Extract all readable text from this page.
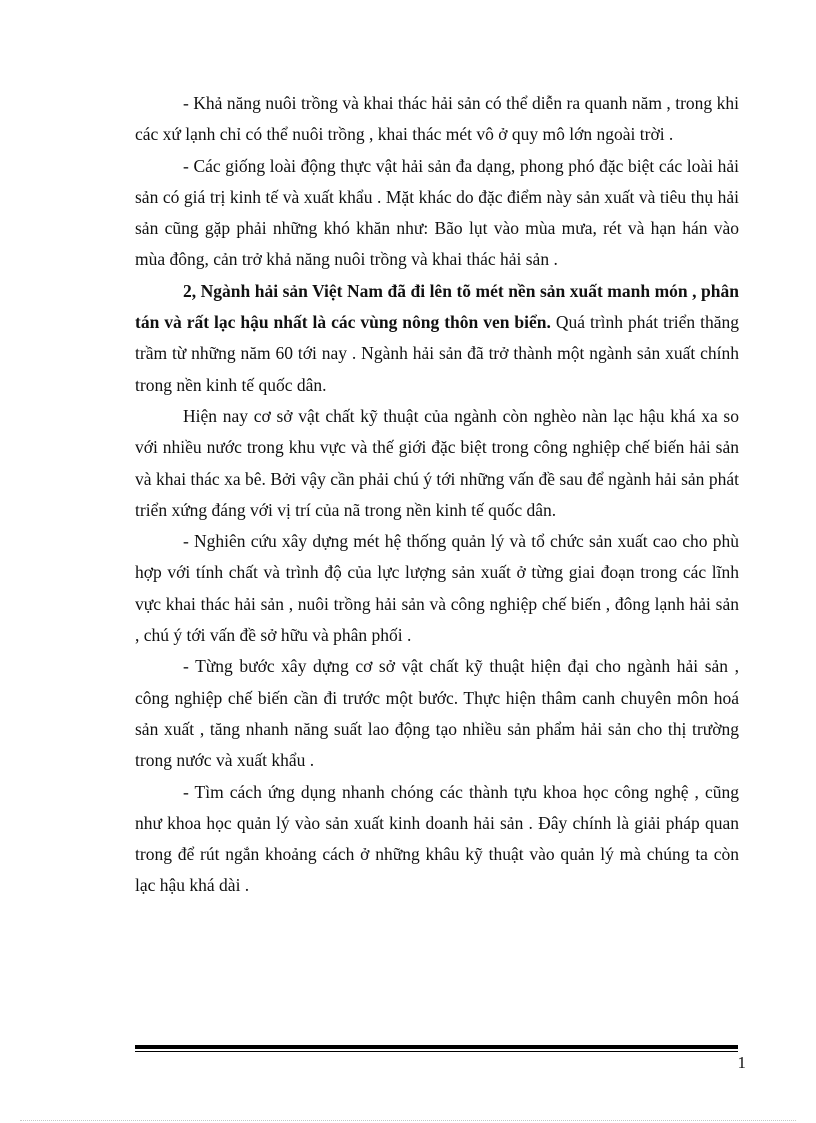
- Khả năng nuôi trồng và khai thác hải sản có thể diễn ra quanh năm , trong khi các xứ lạnh chỉ có thể nuôi trồng , khai thác mét vô ở quy mô lớn ngoài trời .

- Các giống loài động thực vật hải sản đa dạng, phong phó đặc biệt các loài hải sản có giá trị kinh tế và xuất khẩu . Mặt khác do đặc điểm này sản xuất và tiêu thụ hải sản cũng gặp phải những khó khăn như: Bão lụt vào mùa mưa, rét và hạn hán vào mùa đông, cản trở khả năng nuôi trồng và khai thác hải sản .

2, Ngành hải sản Việt Nam đã đi lên tõ mét nền sản xuất manh món , phân tán và rất lạc hậu nhất là các vùng nông thôn ven biển. Quá trình phát triển thăng trầm từ những năm 60 tới nay . Ngành hải sản đã trở thành một ngành sản xuất chính trong nền kinh tế quốc dân.

Hiện nay cơ sở vật chất kỹ thuật của ngành còn nghèo nàn lạc hậu khá xa so với nhiều nước trong khu vực và thế giới đặc biệt trong công nghiệp chế biến hải sản và khai thác xa bê. Bởi vậy cần phải chú ý tới những vấn đề sau để ngành hải sản phát triển xứng đáng với vị trí của nã trong nền kinh tế quốc dân.

- Nghiên cứu xây dựng mét hệ thống quản lý và tổ chức sản xuất cao cho phù hợp với tính chất và trình độ của lực lượng sản xuất ở từng giai đoạn trong các lĩnh vực khai thác hải sản , nuôi trồng hải sản và công nghiệp chế biến , đông lạnh hải sản , chú ý tới vấn đề sở hữu và phân phối .

- Từng bước xây dựng cơ sở vật chất kỹ thuật hiện đại cho ngành hải sản , công nghiệp chế biến cần đi trước một bước. Thực hiện thâm canh chuyên môn hoá sản xuất , tăng nhanh năng suất lao động tạo nhiều sản phẩm hải sản cho thị trường trong nước và xuất khẩu .

- Tìm cách ứng dụng nhanh chóng các thành tựu khoa học công nghệ , cũng như khoa học quản lý vào sản xuất kinh doanh hải sản . Đây chính là giải pháp quan trong để rút ngắn khoảng cách ở những khâu kỹ thuật vào quản lý mà chúng ta còn lạc hậu khá dài .

1
